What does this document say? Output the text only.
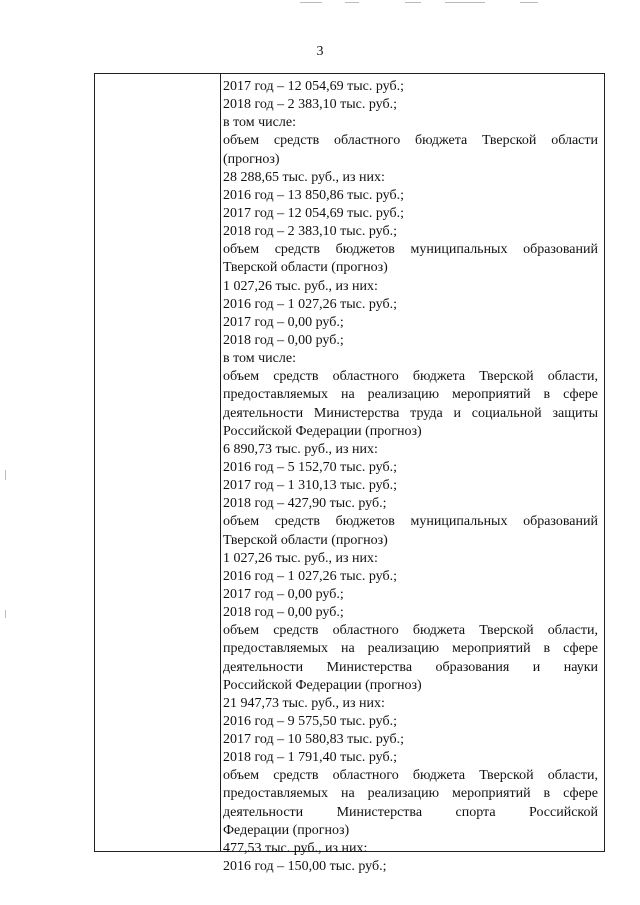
3
2017 год – 12 054,69 тыс. руб.;
2018 год – 2 383,10 тыс. руб.;
в том числе:
объем средств областного бюджета Тверской области
(прогноз)
28 288,65 тыс. руб., из них:
2016 год – 13 850,86 тыс. руб.;
2017 год – 12 054,69 тыс. руб.;
2018 год – 2 383,10 тыс. руб.;
объем средств бюджетов муниципальных образований
Тверской области (прогноз)
1 027,26 тыс. руб., из них:
2016 год – 1 027,26 тыс. руб.;
2017 год – 0,00 руб.;
2018 год – 0,00 руб.;
в том числе:
объем средств областного бюджета Тверской области,
предоставляемых на реализацию мероприятий в сфере
деятельности Министерства труда и социальной защиты
Российской Федерации (прогноз)
6 890,73 тыс. руб., из них:
2016 год – 5 152,70 тыс. руб.;
2017 год – 1 310,13 тыс. руб.;
2018 год – 427,90 тыс. руб.;
объем средств бюджетов муниципальных образований
Тверской области (прогноз)
1 027,26 тыс. руб., из них:
2016 год – 1 027,26 тыс. руб.;
2017 год – 0,00 руб.;
2018 год – 0,00 руб.;
объем средств областного бюджета Тверской области,
предоставляемых на реализацию мероприятий в сфере
деятельности Министерства образования и науки
Российской Федерации (прогноз)
21 947,73 тыс. руб., из них:
2016 год – 9 575,50 тыс. руб.;
2017 год – 10 580,83 тыс. руб.;
2018 год – 1 791,40 тыс. руб.;
объем средств областного бюджета Тверской области,
предоставляемых на реализацию мероприятий в сфере
деятельности Министерства спорта Российской
Федерации (прогноз)
477,53 тыс. руб., из них:
2016 год – 150,00 тыс. руб.;
